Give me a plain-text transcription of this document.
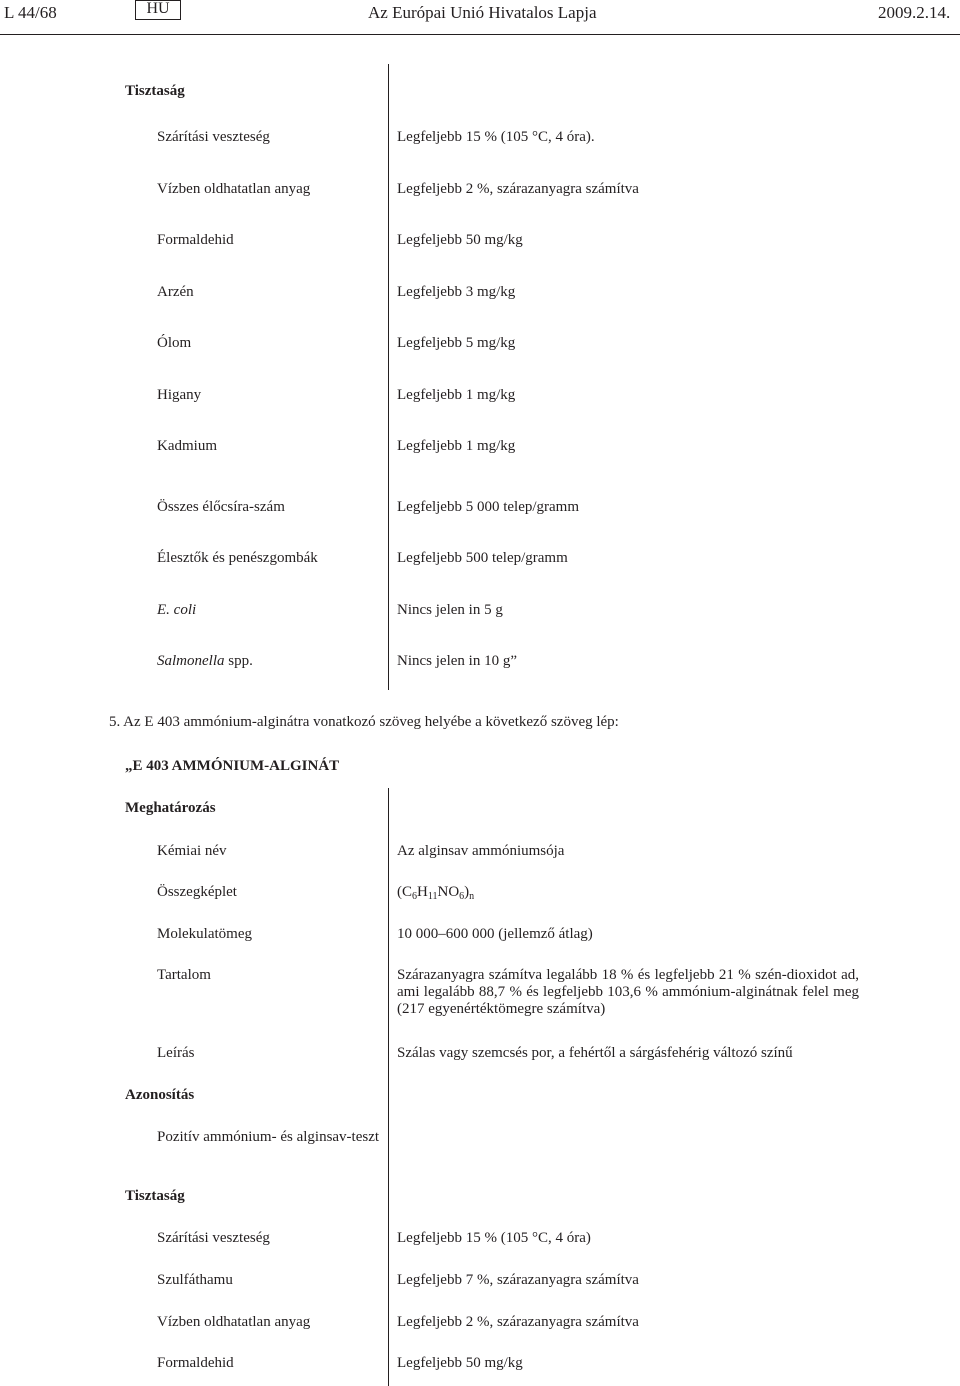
L 44/68	HU	Az Európai Unió Hivatalos Lapja	2009.2.14.
Tisztaság
Szárítási veszteség	Legfeljebb 15 % (105 °C, 4 óra).
Vízben oldhatatlan anyag	Legfeljebb 2 %, szárazanyagra számítva
Formaldehid	Legfeljebb 50 mg/kg
Arzén	Legfeljebb 3 mg/kg
Ólom	Legfeljebb 5 mg/kg
Higany	Legfeljebb 1 mg/kg
Kadmium	Legfeljebb 1 mg/kg
Összes élőcsíra-szám	Legfeljebb 5 000 telep/gramm
Élesztők és penészgombák	Legfeljebb 500 telep/gramm
E. coli	Nincs jelen in 5 g
Salmonella spp.	Nincs jelen in 10 g”
5. Az E 403 ammónium-alginátra vonatkozó szöveg helyébe a következő szöveg lép:
„E 403 AMMÓNIUM-ALGINÁT
Meghatározás
Kémiai név	Az alginsav ammóniumsója
Összegképlet	$(C_6H_{11}NO_6)_n$
Molekulatömeg	10 000–600 000 (jellemző átlag)
Tartalom	Szárazanyagra számítva legalább 18 % és legfeljebb 21 % szén-dioxidot ad, ami legalább 88,7 % és legfeljebb 103,6 % ammónium-alginátnak felel meg (217 egyenértéktömegre számítva)
Leírás	Szálas vagy szemcsés por, a fehértől a sárgásfehérig változó színű
Azonosítás
Pozitív ammónium- és alginsav-teszt
Tisztaság
Szárítási veszteség	Legfeljebb 15 % (105 °C, 4 óra)
Szulfáthamu	Legfeljebb 7 %, szárazanyagra számítva
Vízben oldhatatlan anyag	Legfeljebb 2 %, szárazanyagra számítva
Formaldehid	Legfeljebb 50 mg/kg
